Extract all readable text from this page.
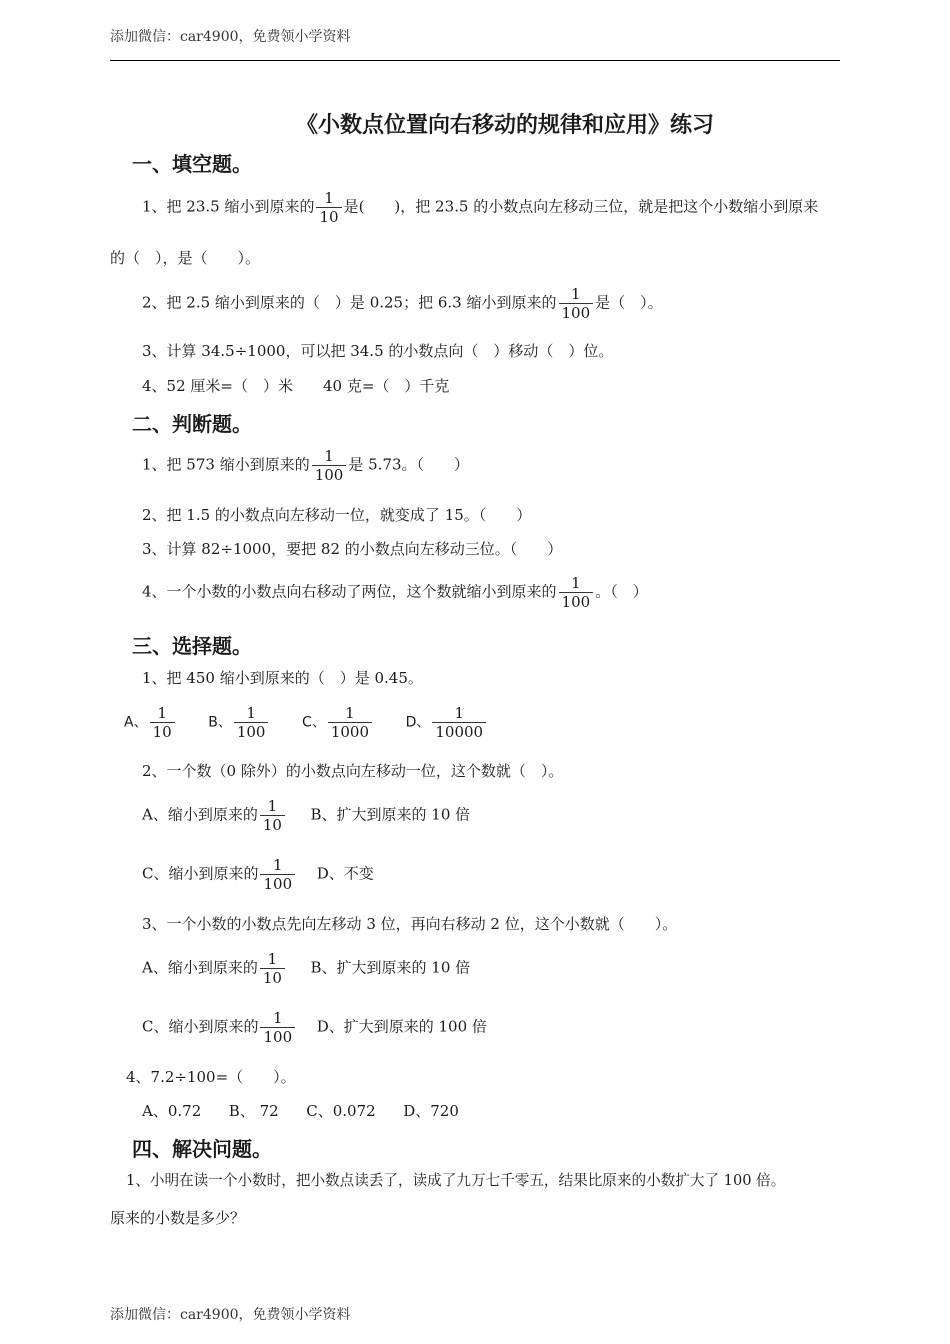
添加微信：car4900，免费领小学资料
《小数点位置向右移动的规律和应用》练习
一、填空题。
1、把 23.5 缩小到原来的 $\frac{1}{10}$ 是(　　)，把 23.5 的小数点向左移动三位，就是把这个小数缩小到原来
的（　），是（　　）。
2、把 2.5 缩小到原来的（　）是 0.25；把 6.3 缩小到原来的 $\frac{1}{100}$ 是（　）。
3、计算 34.5÷1000，可以把 34.5 的小数点向（　）移动（　）位。
4、52 厘米=（　）米　　40 克=（　）千克
二、判断题。
1、把 573 缩小到原来的 $\frac{1}{100}$ 是 5.73。（　　）
2、把 1.5 的小数点向左移动一位，就变成了 15。（　　）
3、计算 82÷1000，要把 82 的小数点向左移动三位。（　　）
4、一个小数的小数点向右移动了两位，这个数就缩小到原来的 $\frac{1}{100}$ 。（　）
三、选择题。
1、把 450 缩小到原来的（　）是 0.45。
A、 $\frac{1}{10}$ B、 $\frac{1}{100}$ C、 $\frac{1}{1000}$ D、 $\frac{1}{10000}$
2、一个数（0 除外）的小数点向左移动一位，这个数就（　）。
A、缩小到原来的 $\frac{1}{10}$ B、扩大到原来的 10 倍
C、缩小到原来的 $\frac{1}{100}$ D、不变
3、一个小数的小数点先向左移动 3 位，再向右移动 2 位，这个小数就（　　）。
A、缩小到原来的 $\frac{1}{10}$ B、扩大到原来的 10 倍
C、缩小到原来的 $\frac{1}{100}$ D、扩大到原来的 100 倍
4、7.2÷100=（　　）。
A、0.72 B、 72 C、0.072 D、720
四、解决问题。
1、小明在读一个小数时，把小数点读丢了，读成了九万七千零五，结果比原来的小数扩大了 100 倍。
原来的小数是多少？
添加微信：car4900，免费领小学资料
